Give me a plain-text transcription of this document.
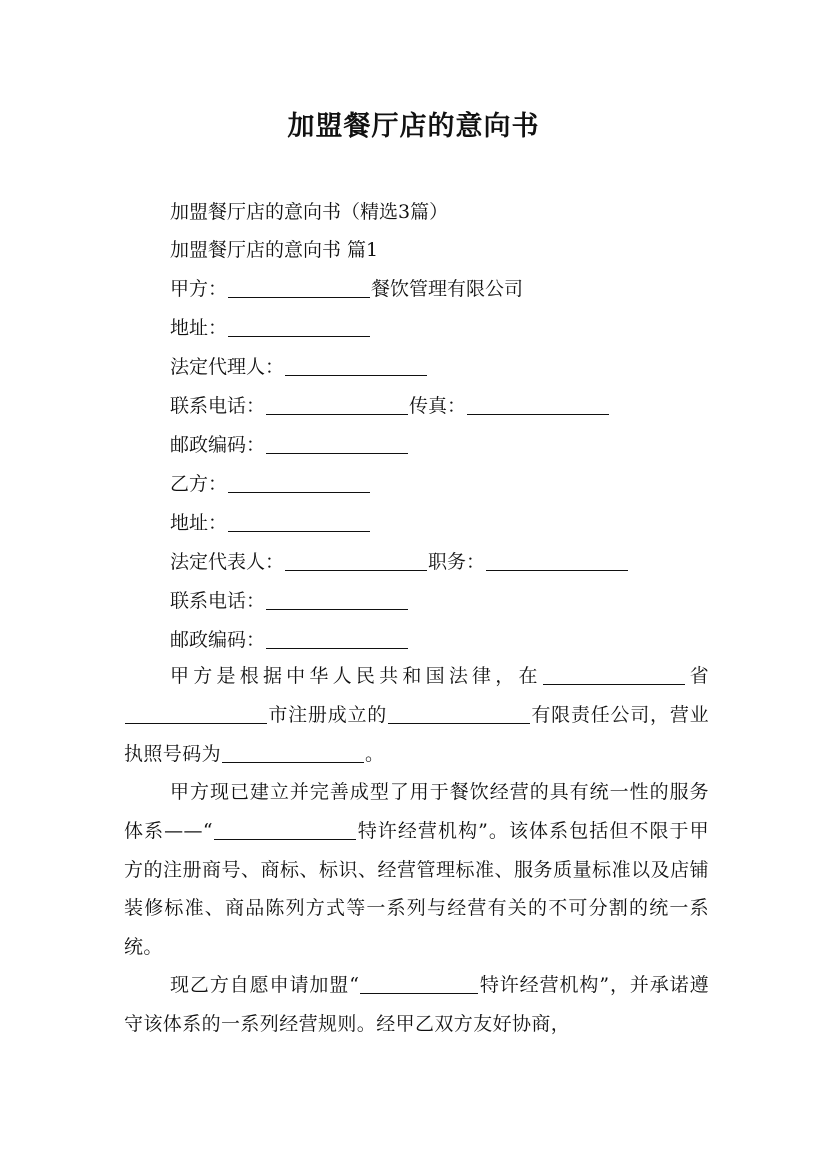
加盟餐厅店的意向书
加盟餐厅店的意向书（精选3篇）
加盟餐厅店的意向书 篇1
甲方：	餐饮管理有限公司
地址：
法定代理人：
联系电话：	传真：
邮政编码：
乙方：
地址：
法定代表人：	职务：
联系电话：
邮政编码：
甲方是根据中华人民共和国法律，在	省市注册成立的	有限责任公司，营业执照号码为	。
甲方现已建立并完善成型了用于餐饮经营的具有统一性的服务体系——“	特许经营机构”。该体系包括但不限于甲方的注册商号、商标、标识、经营管理标准、服务质量标准以及店铺装修标准、商品陈列方式等一系列与经营有关的不可分割的统一系统。
现乙方自愿申请加盟“	特许经营机构”，并承诺遵守该体系的一系列经营规则。经甲乙双方友好协商，
